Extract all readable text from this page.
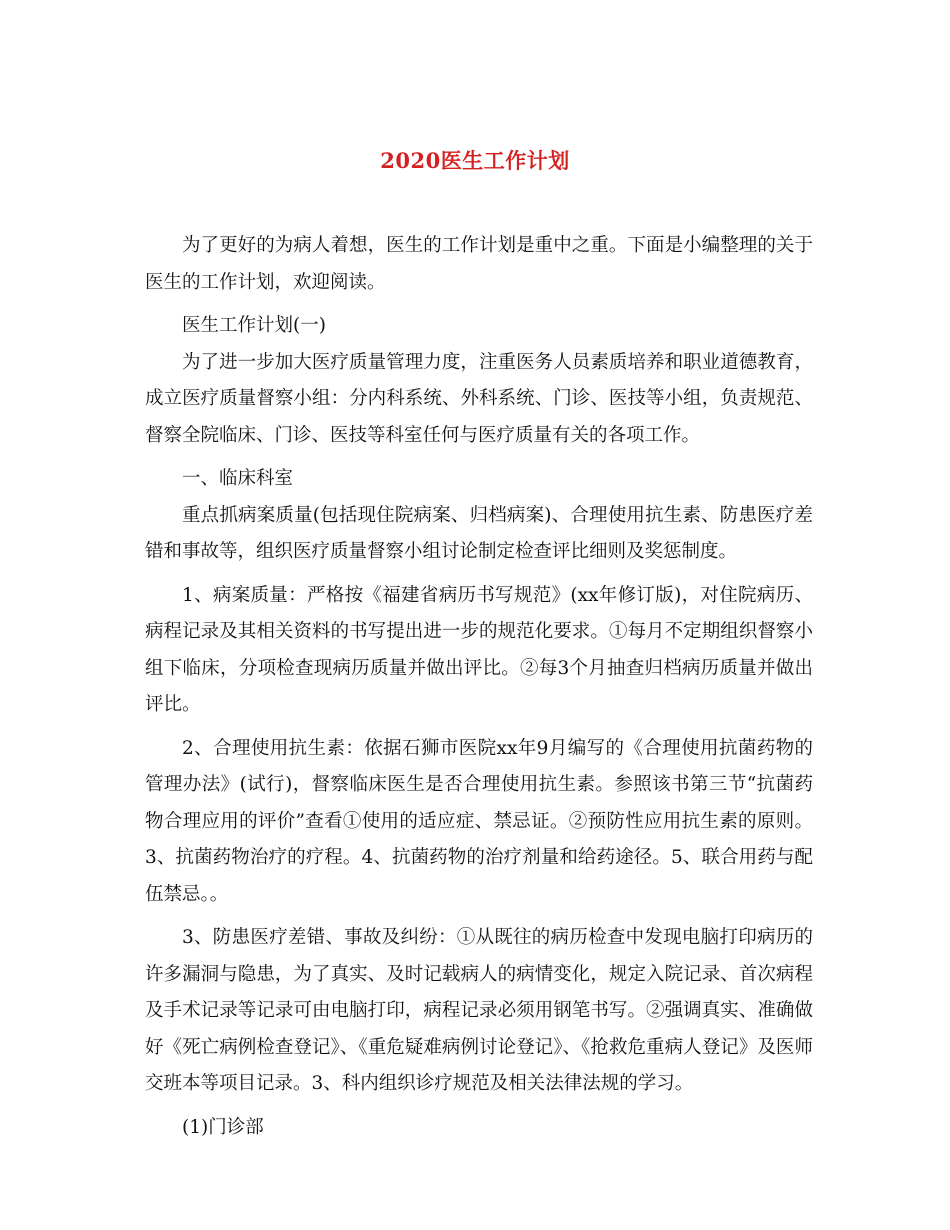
2020医生工作计划

为了更好的为病人着想，医生的工作计划是重中之重。下面是小编整理的关于医生的工作计划，欢迎阅读。

医生工作计划(一)

为了进一步加大医疗质量管理力度，注重医务人员素质培养和职业道德教育，成立医疗质量督察小组：分内科系统、外科系统、门诊、医技等小组，负责规范、督察全院临床、门诊、医技等科室任何与医疗质量有关的各项工作。

一、临床科室

重点抓病案质量(包括现住院病案、归档病案)、合理使用抗生素、防患医疗差错和事故等，组织医疗质量督察小组讨论制定检查评比细则及奖惩制度。

1、病案质量：严格按《福建省病历书写规范》(xx年修订版)，对住院病历、病程记录及其相关资料的书写提出进一步的规范化要求。①每月不定期组织督察小组下临床，分项检查现病历质量并做出评比。②每3个月抽查归档病历质量并做出评比。

2、合理使用抗生素：依据石狮市医院xx年9月编写的《合理使用抗菌药物的管理办法》(试行)，督察临床医生是否合理使用抗生素。参照该书第三节“抗菌药物合理应用的评价”查看①使用的适应症、禁忌证。②预防性应用抗生素的原则。3、抗菌药物治疗的疗程。4、抗菌药物的治疗剂量和给药途径。5、联合用药与配伍禁忌。。

3、防患医疗差错、事故及纠纷：①从既往的病历检查中发现电脑打印病历的许多漏洞与隐患，为了真实、及时记载病人的病情变化，规定入院记录、首次病程及手术记录等记录可由电脑打印，病程记录必须用钢笔书写。②强调真实、准确做好《死亡病例检查登记》、《重危疑难病例讨论登记》、《抢救危重病人登记》及医师交班本等项目记录。3、科内组织诊疗规范及相关法律法规的学习。

(1)门诊部
